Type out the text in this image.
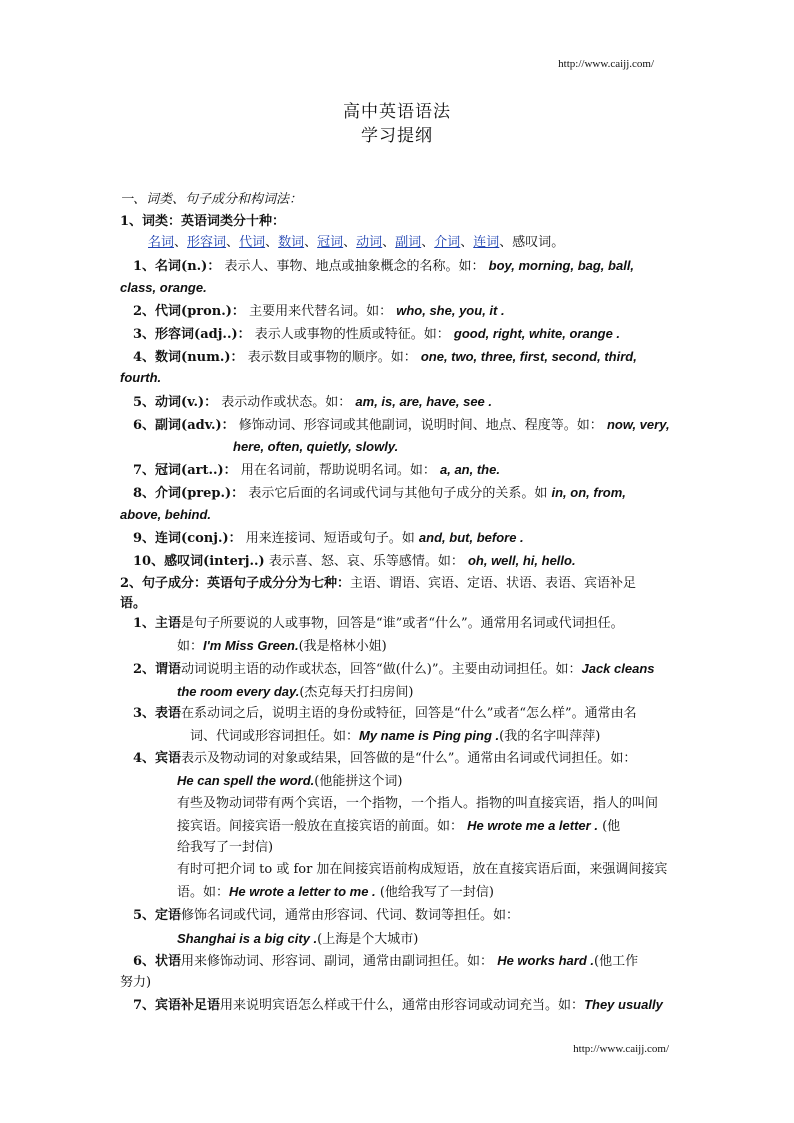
http://www.caijj.com/
高中英语语法
学习提纲
一、词类、句子成分和构词法：
1、词类：英语词类分十种：
名词、形容词、代词、数词、冠词、动词、副词、介词、连词、感叹词。
1、名词(n.)： 表示人、事物、地点或抽象概念的名称。如： boy, morning, bag, ball,
class, orange.
2、代词(pron.)： 主要用来代替名词。如： who, she, you, it .
3、形容词(adj..)： 表示人或事物的性质或特征。如： good, right, white, orange .
4、数词(num.)： 表示数目或事物的顺序。如： one, two, three, first, second, third,
fourth.
5、动词(v.)： 表示动作或状态。如： am, is, are, have, see .
6、副词(adv.)： 修饰动词、形容词或其他副词，说明时间、地点、程度等。如： now, very,
here, often, quietly, slowly.
7、冠词(art..)： 用在名词前，帮助说明名词。如： a, an, the.
8、介词(prep.)： 表示它后面的名词或代词与其他句子成分的关系。如 in, on, from,
above, behind.
9、连词(conj.)： 用来连接词、短语或句子。如 and, but, before .
10、感叹词(interj..) 表示喜、怒、哀、乐等感情。如： oh, well, hi, hello.
2、句子成分：英语句子成分分为七种：主语、谓语、宾语、定语、状语、表语、宾语补足
语。
1、主语是句子所要说的人或事物，回答是“谁”或者“什么”。通常用名词或代词担任。
如：I'm Miss Green.(我是格林小姐)
2、谓语动词说明主语的动作或状态，回答“做(什么)”。主要由动词担任。如：Jack cleans
the room every day.(杰克每天打扫房间)
3、表语在系动词之后，说明主语的身份或特征，回答是“什么”或者“怎么样”。通常由名
词、代词或形容词担任。如：My name is Ping ping .(我的名字叫萍萍)
4、宾语表示及物动词的对象或结果，回答做的是“什么”。通常由名词或代词担任。如：
He can spell the word.(他能拼这个词)
有些及物动词带有两个宾语，一个指物，一个指人。指物的叫直接宾语，指人的叫间
接宾语。间接宾语一般放在直接宾语的前面。如： He wrote me a letter . (他
给我写了一封信)
有时可把介词 to 或 for 加在间接宾语前构成短语，放在直接宾语后面，来强调间接宾
语。如：He wrote a letter to me . (他给我写了一封信)
5、定语修饰名词或代词，通常由形容词、代词、数词等担任。如：
Shanghai is a big city .(上海是个大城市)
6、状语用来修饰动词、形容词、副词，通常由副词担任。如： He works hard .(他工作
努力)
7、宾语补足语用来说明宾语怎么样或干什么，通常由形容词或动词充当。如：They usually
http://www.caijj.com/
